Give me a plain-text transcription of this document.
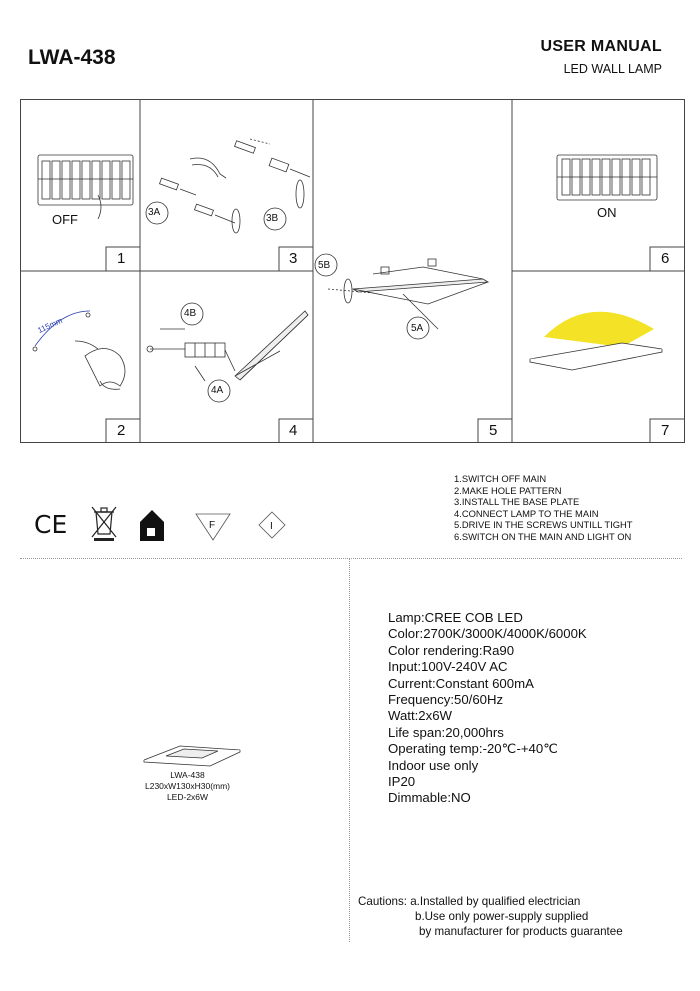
LWA-438	USER MANUAL
LED WALL LAMP
OFF
1
3A
3B
3 5B
5A
5
ON
6
115mm
2
4B
4A
4	7
1.SWITCH OFF MAIN
2.MAKE HOLE PATTERN
3.INSTALL THE BASE PLATE
4.CONNECT LAMP TO THE MAIN
5.DRIVE IN THE SCREWS UNTILL TIGHT
6.SWITCH ON THE MAIN AND LIGHT ON
CE	F	I
LWA-438
L230xW130xH30(mm)
LED-2x6W
Lamp:CREE COB LED
Color:2700K/3000K/4000K/6000K
Color rendering:Ra90
Input:100V-240V AC
Current:Constant 600mA
Frequency:50/60Hz
Watt:2x6W
Life span:20,000hrs
Operating temp:-20℃-+40℃
Indoor use only
IP20
Dimmable:NO
Cautions: a.Installed by qualified electrician
b.Use only power-supply supplied
by manufacturer for products guarantee
